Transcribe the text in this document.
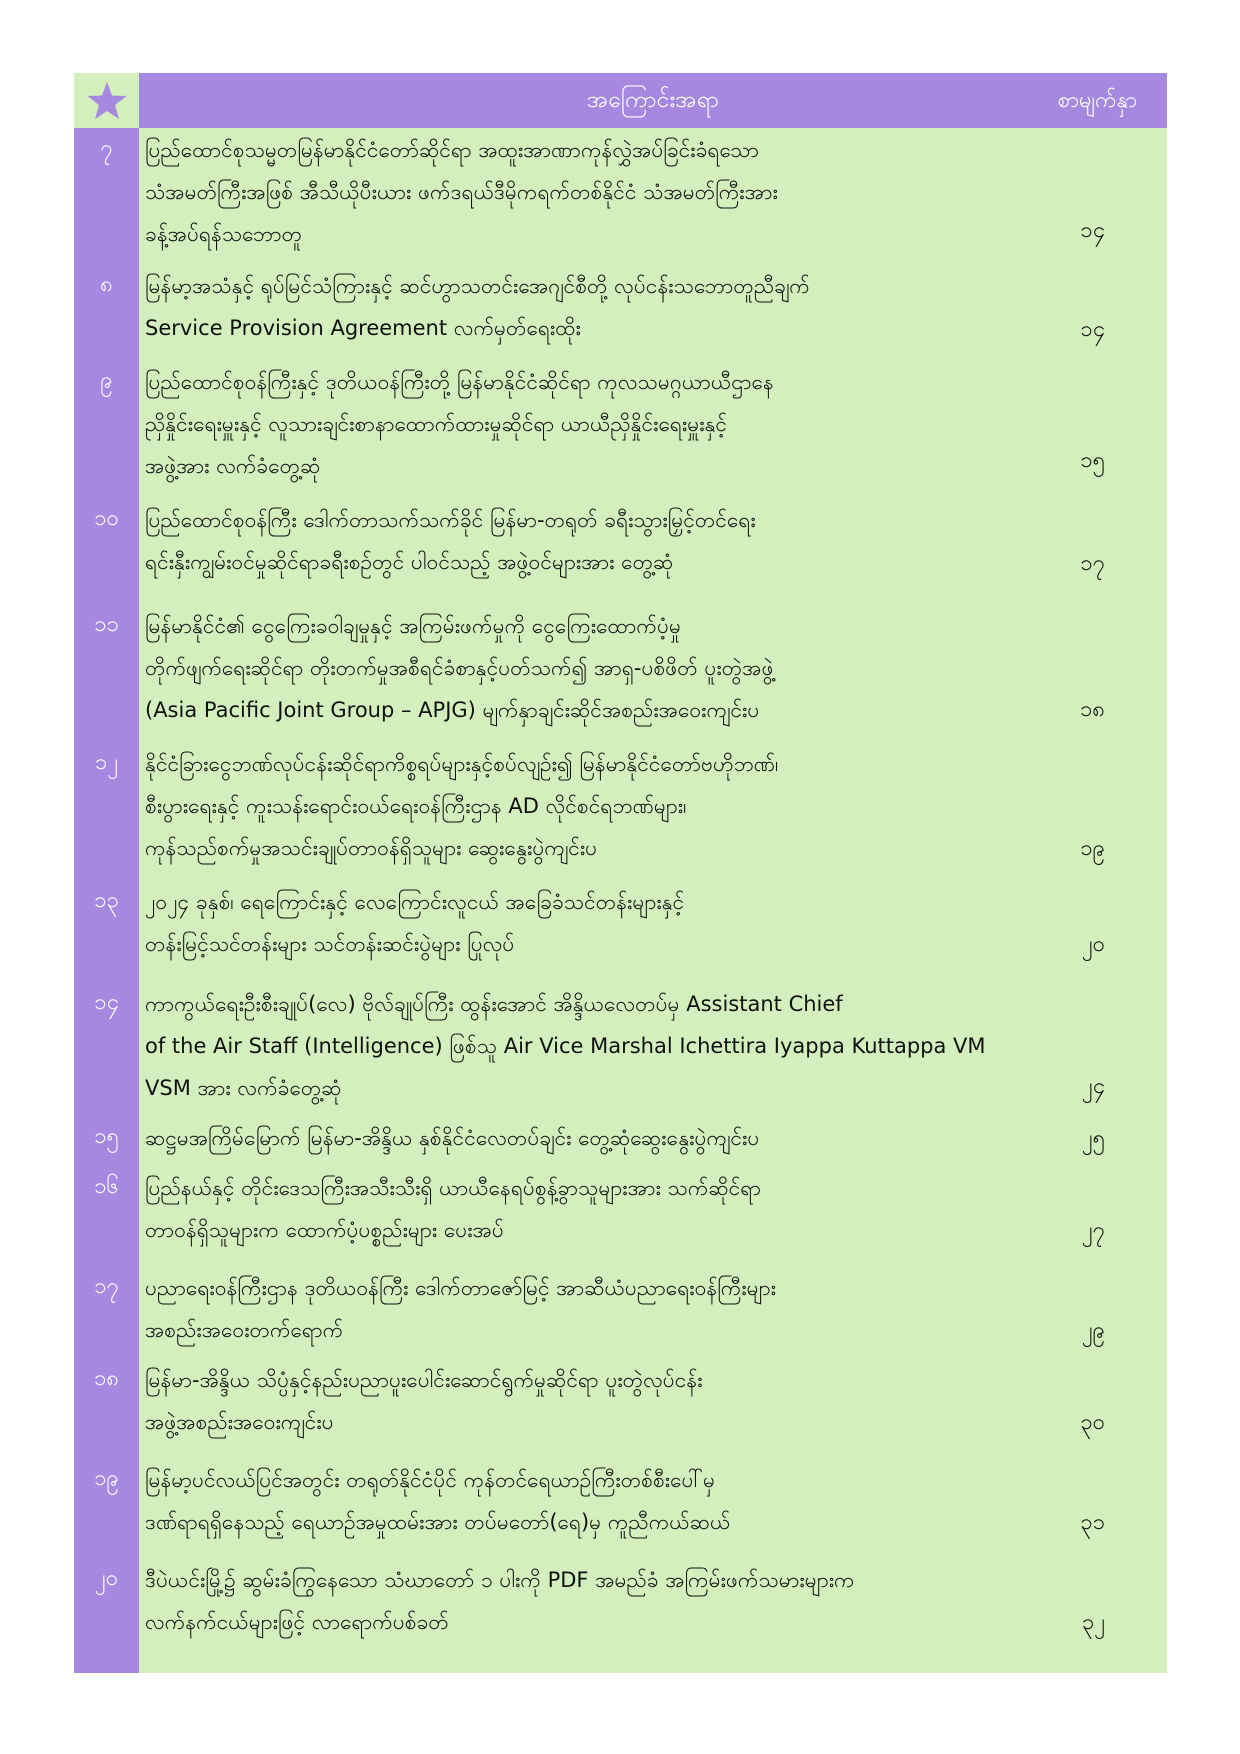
အကြောင်းအရာ	စာမျက်နှာ
၇	ပြည်ထောင်စုသမ္မတမြန်မာနိုင်ငံတော်ဆိုင်ရာ အထူးအာဏာကုန်လွှဲအပ်ခြင်းခံရသော
သံအမတ်ကြီးအဖြစ် အီသီယိုပီးယား ဖက်ဒရယ်ဒီမိုကရက်တစ်နိုင်ငံ သံအမတ်ကြီးအား
ခန့်အပ်ရန်သဘောတူ	၁၄
၈	မြန်မာ့အသံနှင့် ရုပ်မြင်သံကြားနှင့် ဆင်ဟွာသတင်းအေဂျင်စီတို့ လုပ်ငန်းသဘောတူညီချက်
Service Provision Agreement လက်မှတ်ရေးထိုး	၁၄
၉	ပြည်ထောင်စုဝန်ကြီးနှင့် ဒုတိယဝန်ကြီးတို့ မြန်မာနိုင်ငံဆိုင်ရာ ကုလသမဂ္ဂယာယီဌာနေ
ညှိနှိုင်းရေးမှူးနှင့် လူသားချင်းစာနာထောက်ထားမှုဆိုင်ရာ ယာယီညှိနှိုင်းရေးမှူးနှင့်
အဖွဲ့အား လက်ခံတွေ့ဆုံ	၁၅
၁၀	ပြည်ထောင်စုဝန်ကြီး ဒေါက်တာသက်သက်ခိုင် မြန်မာ-တရုတ် ခရီးသွားမြှင့်တင်ရေး
ရင်းနှီးကျွမ်းဝင်မှုဆိုင်ရာခရီးစဉ်တွင် ပါဝင်သည့် အဖွဲ့ဝင်များအား တွေ့ဆုံ	၁၇
၁၁	မြန်မာနိုင်ငံ၏ ငွေကြေးခဝါချမှုနှင့် အကြမ်းဖက်မှုကို ငွေကြေးထောက်ပံ့မှု
တိုက်ဖျက်ရေးဆိုင်ရာ တိုးတက်မှုအစီရင်ခံစာနှင့်ပတ်သက်၍ အာရှ-ပစိဖိတ် ပူးတွဲအဖွဲ့
(Asia Pacific Joint Group – APJG) မျက်နှာချင်းဆိုင်အစည်းအဝေးကျင်းပ	၁၈
၁၂	နိုင်ငံခြားငွေဘဏ်လုပ်ငန်းဆိုင်ရာကိစ္စရပ်များနှင့်စပ်လျဉ်း၍ မြန်မာနိုင်ငံတော်ဗဟိုဘဏ်၊
စီးပွားရေးနှင့် ကူးသန်းရောင်းဝယ်ရေးဝန်ကြီးဌာန AD လိုင်စင်ရဘဏ်များ၊
ကုန်သည်စက်မှုအသင်းချုပ်တာဝန်ရှိသူများ ဆွေးနွေးပွဲကျင်းပ	၁၉
၁၃	၂၀၂၄ ခုနှစ်၊ ရေကြောင်းနှင့် လေကြောင်းလူငယ် အခြေခံသင်တန်းများနှင့်
တန်းမြင့်သင်တန်းများ သင်တန်းဆင်းပွဲများ ပြုလုပ်	၂၀
၁၄	ကာကွယ်ရေးဦးစီးချုပ်(လေ) ဗိုလ်ချုပ်ကြီး ထွန်းအောင် အိန္ဒိယလေတပ်မှ Assistant Chief
of the Air Staff (Intelligence) ဖြစ်သူ Air Vice Marshal Ichettira Iyappa Kuttappa VM
VSM အား လက်ခံတွေ့ဆုံ	၂၄
၁၅	ဆဋ္ဌမအကြိမ်မြောက် မြန်မာ-အိန္ဒိယ နှစ်နိုင်ငံလေတပ်ချင်း တွေ့ဆုံဆွေးနွေးပွဲကျင်းပ	၂၅
၁၆	ပြည်နယ်နှင့် တိုင်းဒေသကြီးအသီးသီးရှိ ယာယီနေရပ်စွန့်ခွာသူများအား သက်ဆိုင်ရာ
တာဝန်ရှိသူများက ထောက်ပံ့ပစ္စည်းများ ပေးအပ်	၂၇
၁၇	ပညာရေးဝန်ကြီးဌာန ဒုတိယဝန်ကြီး ဒေါက်တာဇော်မြင့် အာဆီယံပညာရေးဝန်ကြီးများ
အစည်းအဝေးတက်ရောက်	၂၉
၁၈	မြန်မာ-အိန္ဒိယ သိပ္ပံနှင့်နည်းပညာပူးပေါင်းဆောင်ရွက်မှုဆိုင်ရာ ပူးတွဲလုပ်ငန်း
အဖွဲ့အစည်းအဝေးကျင်းပ	၃၀
၁၉	မြန်မာ့ပင်လယ်ပြင်အတွင်း တရုတ်နိုင်ငံပိုင် ကုန်တင်ရေယာဉ်ကြီးတစ်စီးပေါ်မှ
ဒဏ်ရာရရှိနေသည့် ရေယာဉ်အမှုထမ်းအား တပ်မတော်(ရေ)မှ ကူညီကယ်ဆယ်	၃၁
၂၀	ဒီပဲယင်းမြို့၌ ဆွမ်းခံကြွနေသော သံဃာတော် ၁ ပါးကို PDF အမည်ခံ အကြမ်းဖက်သမားများက
လက်နက်ငယ်များဖြင့် လာရောက်ပစ်ခတ်	၃၂
